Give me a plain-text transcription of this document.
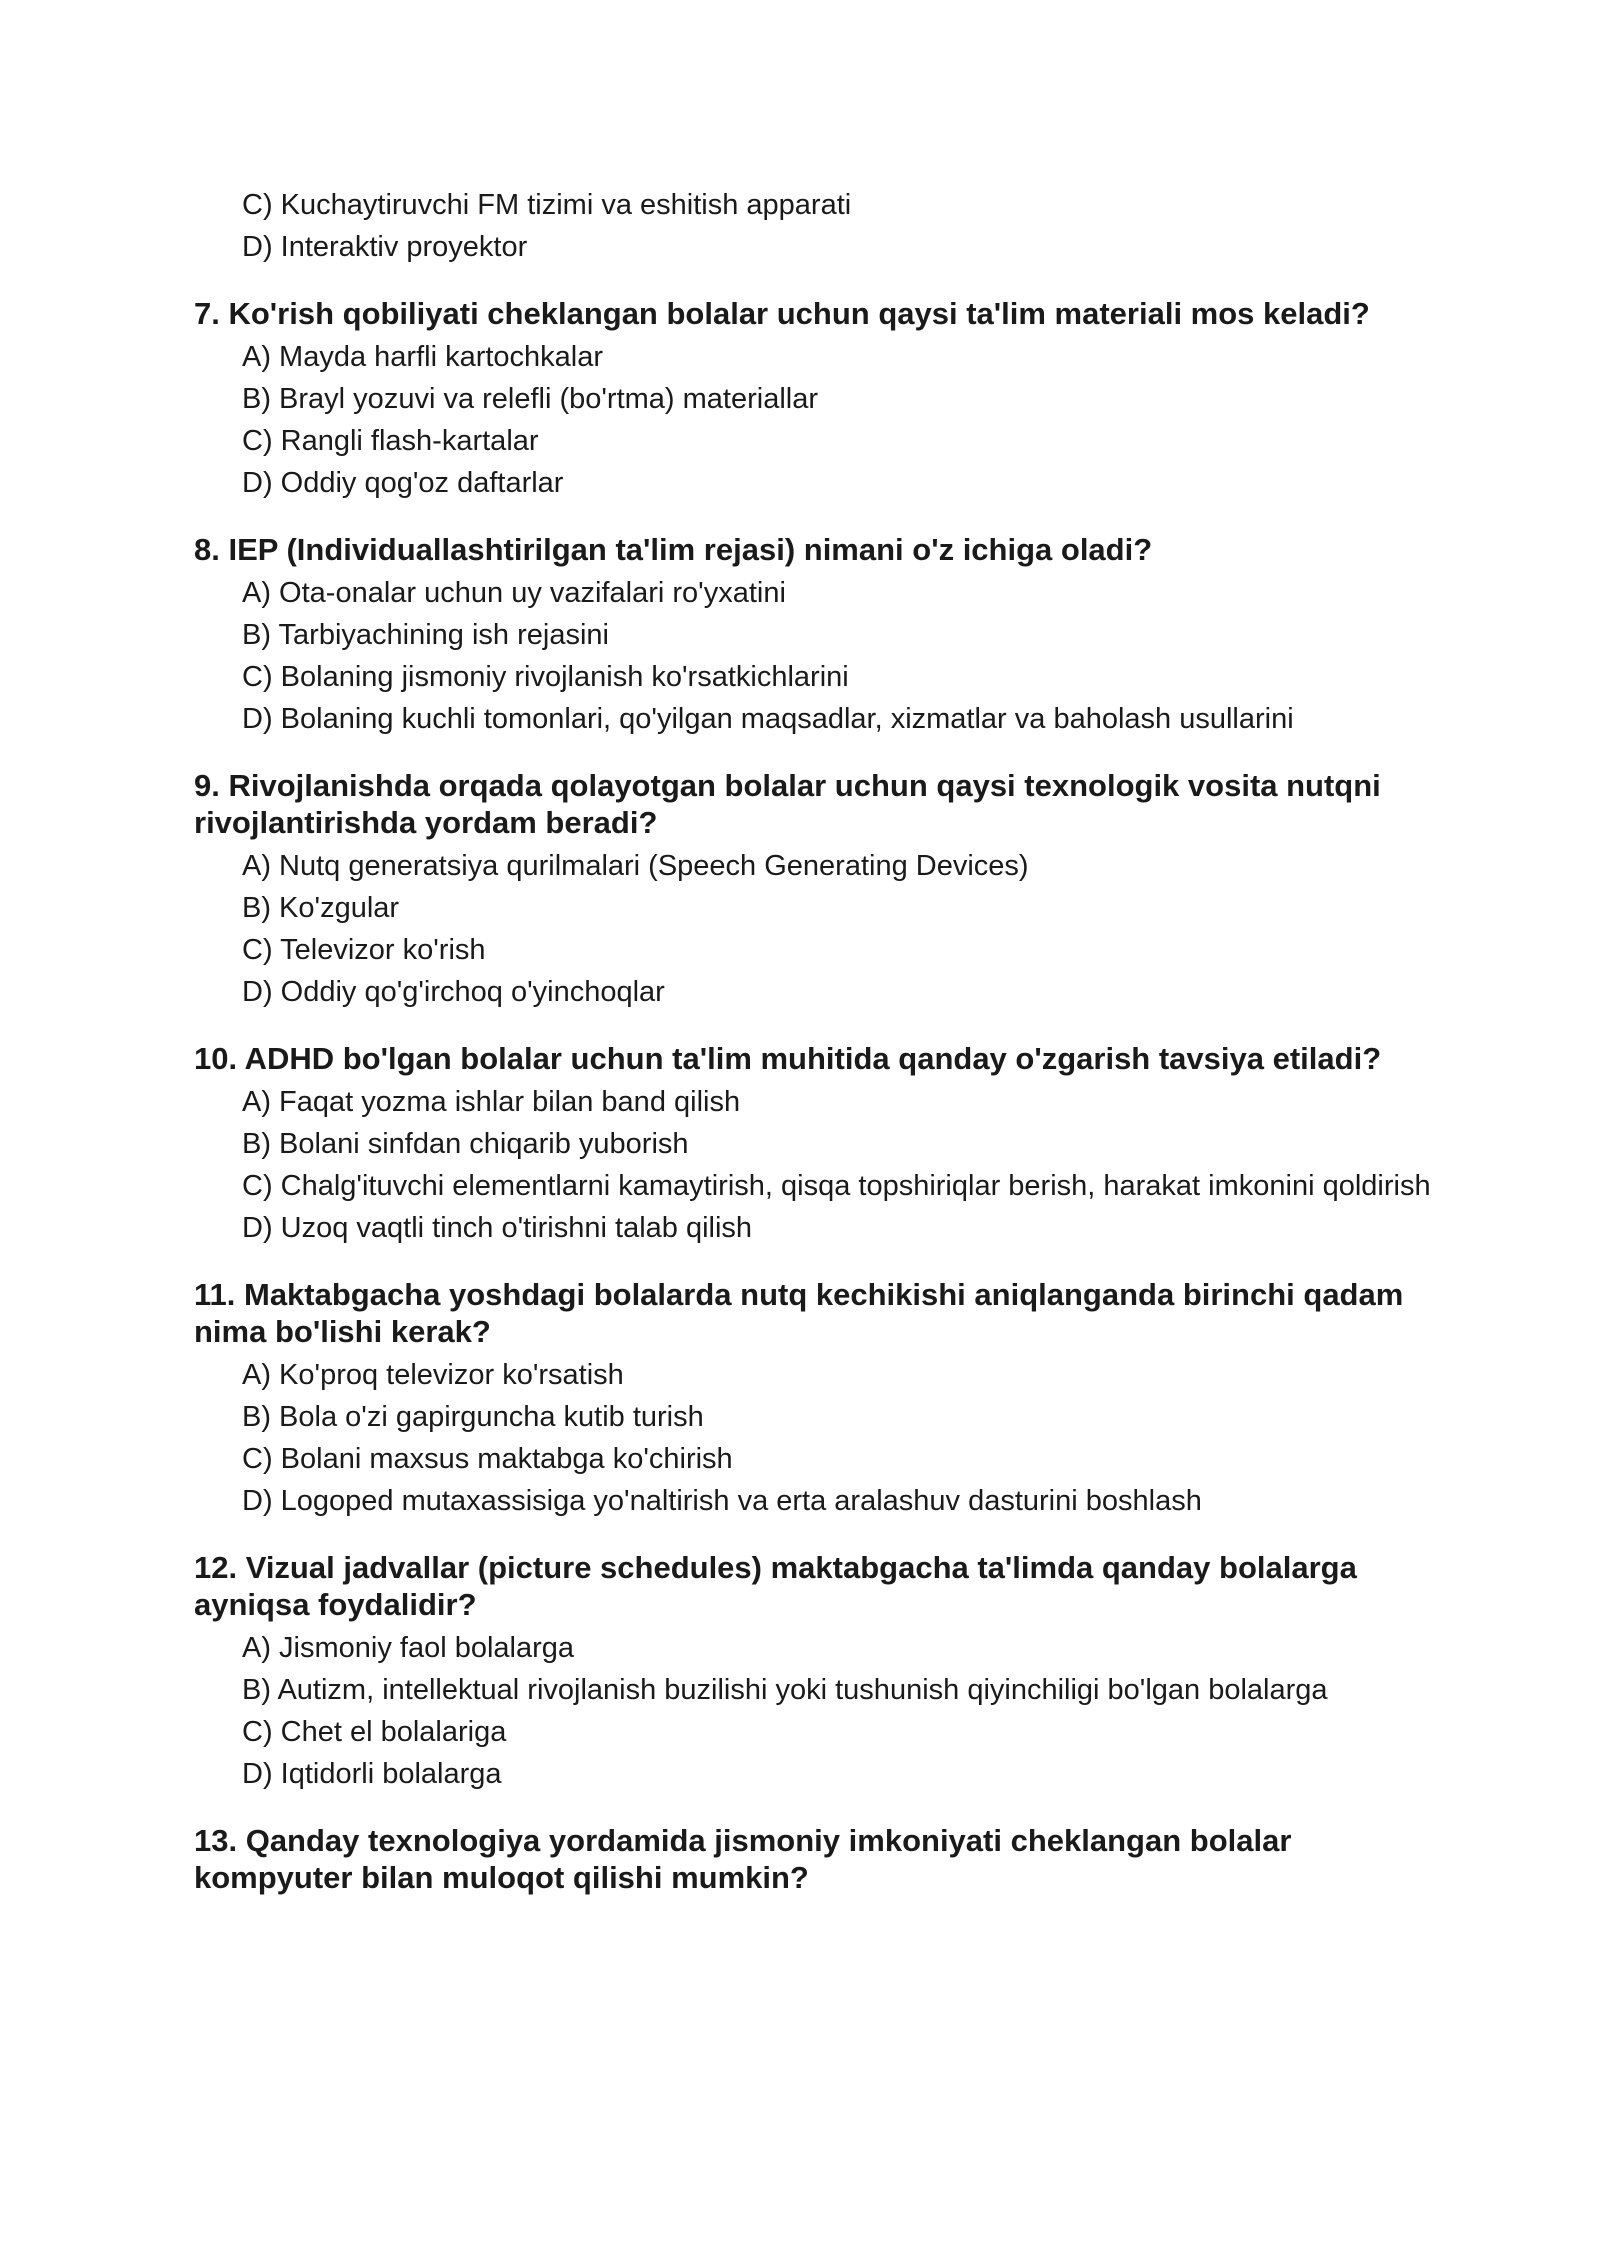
C) Kuchaytiruvchi FM tizimi va eshitish apparati
D) Interaktiv proyektor
7. Ko'rish qobiliyati cheklangan bolalar uchun qaysi ta'lim materiali mos keladi?
A) Mayda harfli kartochkalar
B) Brayl yozuvi va relefli (bo'rtma) materiallar
C) Rangli flash-kartalar
D) Oddiy qog'oz daftarlar
8. IEP (Individuallashtirilgan ta'lim rejasi) nimani o'z ichiga oladi?
A) Ota-onalar uchun uy vazifalari ro'yxatini
B) Tarbiyachining ish rejasini
C) Bolaning jismoniy rivojlanish ko'rsatkichlarini
D) Bolaning kuchli tomonlari, qo'yilgan maqsadlar, xizmatlar va baholash usullarini
9. Rivojlanishda orqada qolayotgan bolalar uchun qaysi texnologik vosita nutqni rivojlantirishda yordam beradi?
A) Nutq generatsiya qurilmalari (Speech Generating Devices)
B) Ko'zgular
C) Televizor ko'rish
D) Oddiy qo'g'irchoq o'yinchoqlar
10. ADHD bo'lgan bolalar uchun ta'lim muhitida qanday o'zgarish tavsiya etiladi?
A) Faqat yozma ishlar bilan band qilish
B) Bolani sinfdan chiqarib yuborish
C) Chalg'ituvchi elementlarni kamaytirish, qisqa topshiriqlar berish, harakat imkonini qoldirish
D) Uzoq vaqtli tinch o'tirishni talab qilish
11. Maktabgacha yoshdagi bolalarda nutq kechikishi aniqlanganda birinchi qadam nima bo'lishi kerak?
A) Ko'proq televizor ko'rsatish
B) Bola o'zi gapirguncha kutib turish
C) Bolani maxsus maktabga ko'chirish
D) Logoped mutaxassisiga yo'naltirish va erta aralashuv dasturini boshlash
12. Vizual jadvallar (picture schedules) maktabgacha ta'limda qanday bolalarga ayniqsa foydalidir?
A) Jismoniy faol bolalarga
B) Autizm, intellektual rivojlanish buzilishi yoki tushunish qiyinchiligi bo'lgan bolalarga
C) Chet el bolalariga
D) Iqtidorli bolalarga
13. Qanday texnologiya yordamida jismoniy imkoniyati cheklangan bolalar kompyuter bilan muloqot qilishi mumkin?
